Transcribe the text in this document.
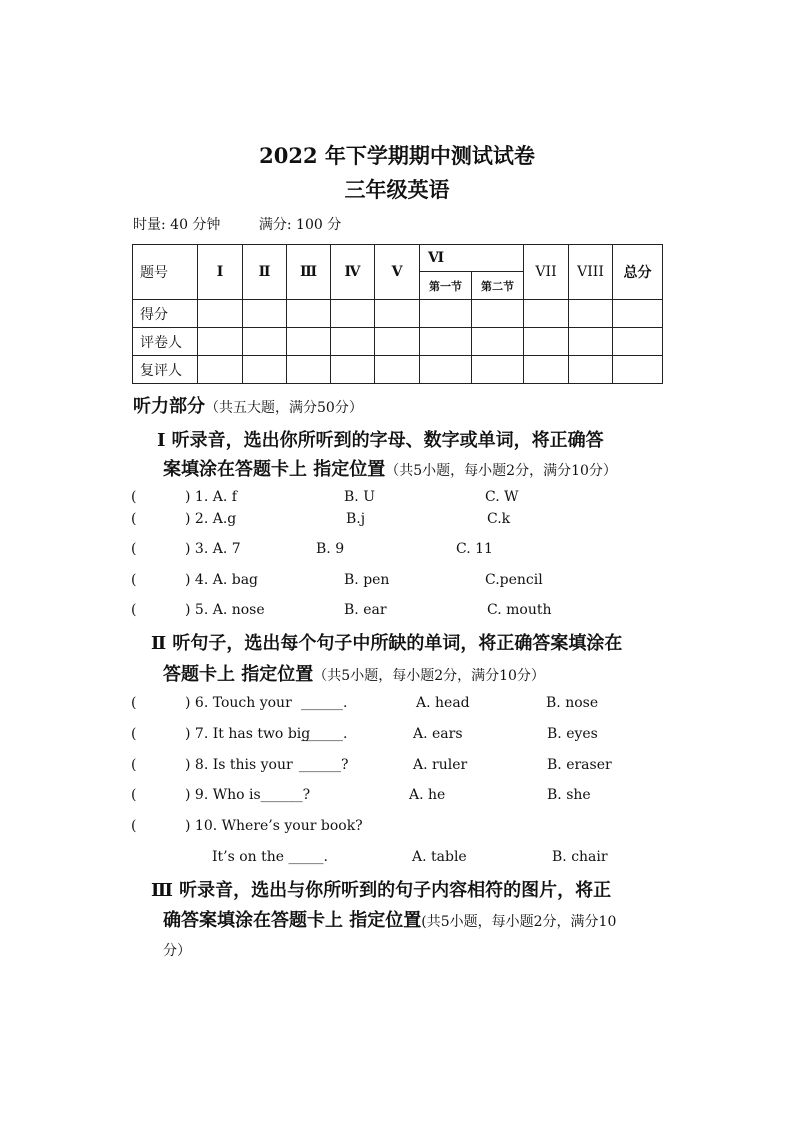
2022 年下学期期中测试试卷
三年级英语
时量: 40 分钟	满分: 100 分
题号	Ⅰ	Ⅱ	Ⅲ	Ⅳ	Ⅴ	Ⅵ		VII	VIII	总分
						第一节	第二节			
得分										
评卷人										
复评人										
听力部分（共五大题，满分50分）
Ⅰ 听录音，选出你所听到的字母、数字或单词，将正确答
案填涂在答题卡上 指定位置（共5小题，每小题2分，满分10分）
(	) 1. A. f	B. U	C. W
(	) 2. A.g	B.j	C.k
(	) 3. A. 7	B. 9	C. 11
(	) 4. A. bag	B. pen	C.pencil
(	) 5. A. nose	B. ear	C. mouth
Ⅱ 听句子，选出每个句子中所缺的单词，将正确答案填涂在
答题卡上 指定位置（共5小题，每小题2分，满分10分）
(	) 6. Touch your ______.	A. head	B. nose
(	) 7. It has two big
______.	A. ears	B. eyes
(	) 8. Is this your ______?	A. ruler	B. eraser
(	) 9. Who is______?	A. he	B. she
(	) 10. Where’s your book?
It’s on the _____.	A. table	B. chair
Ⅲ 听录音，选出与你所听到的句子内容相符的图片，将正
确答案填涂在答题卡上 指定位置(共5小题，每小题2分，满分10
分）
